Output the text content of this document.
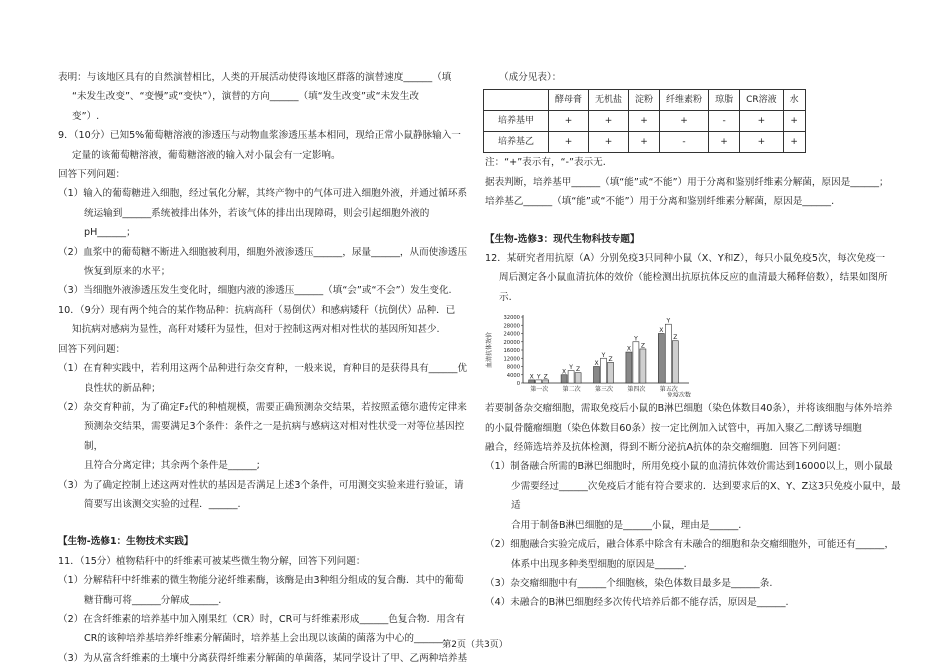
表明：与该地区具有的自然演替相比，人类的开展活动使得该地区群落的演替速度______（填

“未发生改变”、“变慢”或“变快”），演替的方向______（填“发生改变”或“未发生改

变”）.

9．（10分）已知5%葡萄糖溶液的渗透压与动物血浆渗透压基本相同，现给正常小鼠静脉输入一

定量的该葡萄糖溶液，葡萄糖溶液的输入对小鼠会有一定影响。

回答下列问题：

（1）输入的葡萄糖进入细胞，经过氧化分解，其终产物中的气体可进入细胞外液，并通过循环系

统运输到______系统被排出体外，若该气体的排出出现障碍，则会引起细胞外液的pH______；

（2）血浆中的葡萄糖不断进入细胞被利用，细胞外液渗透压______，尿量______，从而使渗透压

恢复到原来的水平；

（3）当细胞外液渗透压发生变化时，细胞内液的渗透压______（填“会”或“不会”）发生变化.

10．（9分）现有两个纯合的某作物品种：抗病高秆（易倒伏）和感病矮秆（抗倒伏）品种．已

知抗病对感病为显性，高秆对矮秆为显性，但对于控制这两对相对性状的基因所知甚少.

回答下列问题：

（1）在育种实践中，若利用这两个品种进行杂交育种，一般来说，育种目的是获得具有______优

良性状的新品种；

（2）杂交育种前，为了确定F₂代的种植规模，需要正确预测杂交结果，若按照孟德尔遗传定律来

预测杂交结果，需要满足3个条件：条件之一是抗病与感病这对相对性状受一对等位基因控制，

且符合分离定律；其余两个条件是______;

（3）为了确定控制上述这两对性状的基因是否满足上述3个条件，可用测交实验来进行验证，请

简要写出该测交实验的过程．______.

【生物-选修1：生物技术实践】

11．（15分）植物秸秆中的纤维素可被某些微生物分解，回答下列问题：

（1）分解秸秆中纤维素的微生物能分泌纤维素酶，该酶是由3种组分组成的复合酶．其中的葡萄

糖苷酶可将______分解成______.

（2）在含纤维素的培养基中加入刚果红（CR）时，CR可与纤维素形成______色复合物．用含有

CR的该种培养基培养纤维素分解菌时，培养基上会出现以该菌的菌落为中心的______.

（3）为从富含纤维素的土壤中分离获得纤维素分解菌的单菌落，某同学设计了甲、乙两种培养基

（成分见表）：

	酵母膏	无机盐	淀粉	纤维素粉	琼脂	CR溶液	水
培养基甲	+	+	+	+	-	+	+
培养基乙	+	+	+	-	+	+	+

注：“+”表示有，“-”表示无.

据表判断，培养基甲______（填“能”或“不能”）用于分离和鉴别纤维素分解菌，原因是______；

培养基乙______（填“能”或“不能”）用于分离和鉴别纤维素分解菌，原因是______.

【生物-选修3：现代生物科技专题】

12．某研究者用抗原（A）分别免疫3只同种小鼠（X、Y和Z），每只小鼠免疫5次，每次免疫一

周后测定各小鼠血清抗体的效价（能检测出抗原抗体反应的血清最大稀释倍数），结果如图所

示.

血清抗体效价
0
4000
8000
12000
16000
20000
24000
28000
32000
X Y Z
第一次
X
Y Z
第二次
X
Y
Z
第三次
X
Y
Z
第四次
X
Y
Z
第五次
免疫次数

若要制备杂交瘤细胞，需取免疫后小鼠的B淋巴细胞（染色体数目40条），并将该细胞与体外培养

的小鼠骨髓瘤细胞（染色体数目60条）按一定比例加入试管中，再加入聚乙二醇诱导细胞

融合，经筛选培养及抗体检测，得到不断分泌抗A抗体的杂交瘤细胞．回答下列问题：

（1）制备融合所需的B淋巴细胞时，所用免疫小鼠的血清抗体效价需达到16000以上，则小鼠最

少需要经过______次免疫后才能有符合要求的．达到要求后的X、Y、Z这3只免疫小鼠中，最适

合用于制备B淋巴细胞的是______小鼠，理由是______.

（2）细胞融合实验完成后，融合体系中除含有未融合的细胞和杂交瘤细胞外，可能还有______，

体系中出现多种类型细胞的原因是______.

（3）杂交瘤细胞中有______个细胞核，染色体数目最多是______条.

（4）未融合的B淋巴细胞经多次传代培养后都不能存活，原因是______.

第2页（共3页）
